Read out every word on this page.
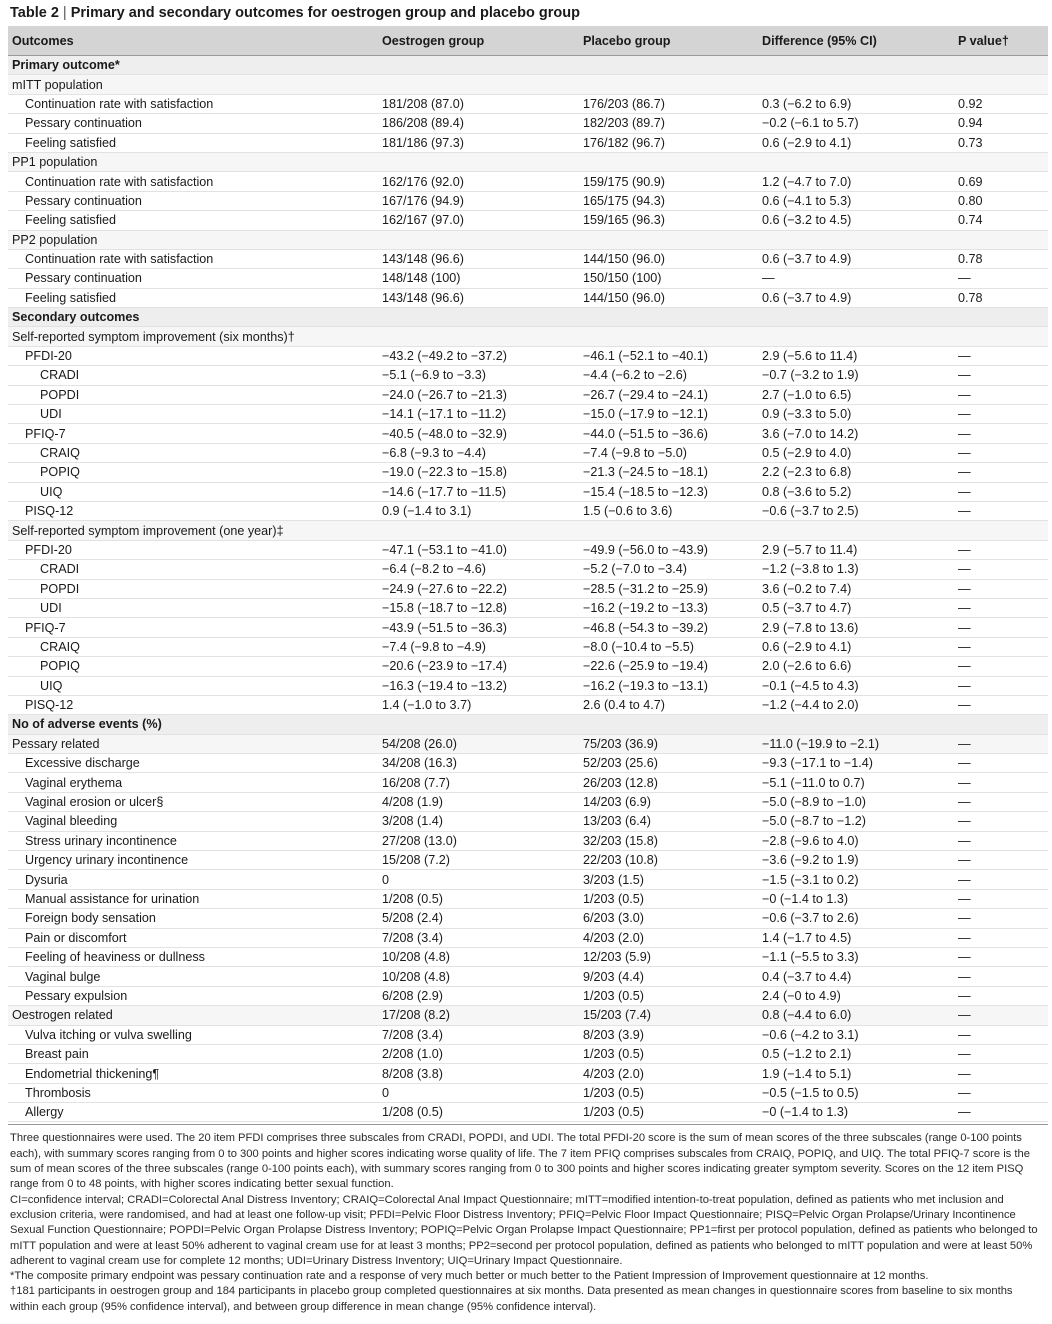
Table 2 | Primary and secondary outcomes for oestrogen group and placebo group
Outcomes	Oestrogen group	Placebo group	Difference (95% CI)	P value†
Primary outcome*				
mITT population				
Continuation rate with satisfaction	181/208 (87.0)	176/203 (86.7)	0.3 (−6.2 to 6.9)	0.92
Pessary continuation	186/208 (89.4)	182/203 (89.7)	−0.2 (−6.1 to 5.7)	0.94
Feeling satisfied	181/186 (97.3)	176/182 (96.7)	0.6 (−2.9 to 4.1)	0.73
PP1 population				
Continuation rate with satisfaction	162/176 (92.0)	159/175 (90.9)	1.2 (−4.7 to 7.0)	0.69
Pessary continuation	167/176 (94.9)	165/175 (94.3)	0.6 (−4.1 to 5.3)	0.80
Feeling satisfied	162/167 (97.0)	159/165 (96.3)	0.6 (−3.2 to 4.5)	0.74
PP2 population				
Continuation rate with satisfaction	143/148 (96.6)	144/150 (96.0)	0.6 (−3.7 to 4.9)	0.78
Pessary continuation	148/148 (100)	150/150 (100)	—	—
Feeling satisfied	143/148 (96.6)	144/150 (96.0)	0.6 (−3.7 to 4.9)	0.78
Secondary outcomes				
Self-reported symptom improvement (six months)†				
PFDI-20	−43.2 (−49.2 to −37.2)	−46.1 (−52.1 to −40.1)	2.9 (−5.6 to 11.4)	—
CRADI	−5.1 (−6.9 to −3.3)	−4.4 (−6.2 to −2.6)	−0.7 (−3.2 to 1.9)	—
POPDI	−24.0 (−26.7 to −21.3)	−26.7 (−29.4 to −24.1)	2.7 (−1.0 to 6.5)	—
UDI	−14.1 (−17.1 to −11.2)	−15.0 (−17.9 to −12.1)	0.9 (−3.3 to 5.0)	—
PFIQ-7	−40.5 (−48.0 to −32.9)	−44.0 (−51.5 to −36.6)	3.6 (−7.0 to 14.2)	—
CRAIQ	−6.8 (−9.3 to −4.4)	−7.4 (−9.8 to −5.0)	0.5 (−2.9 to 4.0)	—
POPIQ	−19.0 (−22.3 to −15.8)	−21.3 (−24.5 to −18.1)	2.2 (−2.3 to 6.8)	—
UIQ	−14.6 (−17.7 to −11.5)	−15.4 (−18.5 to −12.3)	0.8 (−3.6 to 5.2)	—
PISQ-12	0.9 (−1.4 to 3.1)	1.5 (−0.6 to 3.6)	−0.6 (−3.7 to 2.5)	—
Self-reported symptom improvement (one year)‡				
PFDI-20	−47.1 (−53.1 to −41.0)	−49.9 (−56.0 to −43.9)	2.9 (−5.7 to 11.4)	—
CRADI	−6.4 (−8.2 to −4.6)	−5.2 (−7.0 to −3.4)	−1.2 (−3.8 to 1.3)	—
POPDI	−24.9 (−27.6 to −22.2)	−28.5 (−31.2 to −25.9)	3.6 (−0.2 to 7.4)	—
UDI	−15.8 (−18.7 to −12.8)	−16.2 (−19.2 to −13.3)	0.5 (−3.7 to 4.7)	—
PFIQ-7	−43.9 (−51.5 to −36.3)	−46.8 (−54.3 to −39.2)	2.9 (−7.8 to 13.6)	—
CRAIQ	−7.4 (−9.8 to −4.9)	−8.0 (−10.4 to −5.5)	0.6 (−2.9 to 4.1)	—
POPIQ	−20.6 (−23.9 to −17.4)	−22.6 (−25.9 to −19.4)	2.0 (−2.6 to 6.6)	—
UIQ	−16.3 (−19.4 to −13.2)	−16.2 (−19.3 to −13.1)	−0.1 (−4.5 to 4.3)	—
PISQ-12	1.4 (−1.0 to 3.7)	2.6 (0.4 to 4.7)	−1.2 (−4.4 to 2.0)	—
No of adverse events (%)				
Pessary related	54/208 (26.0)	75/203 (36.9)	−11.0 (−19.9 to −2.1)	—
Excessive discharge	34/208 (16.3)	52/203 (25.6)	−9.3 (−17.1 to −1.4)	—
Vaginal erythema	16/208 (7.7)	26/203 (12.8)	−5.1 (−11.0 to 0.7)	—
Vaginal erosion or ulcer§	4/208 (1.9)	14/203 (6.9)	−5.0 (−8.9 to −1.0)	—
Vaginal bleeding	3/208 (1.4)	13/203 (6.4)	−5.0 (−8.7 to −1.2)	—
Stress urinary incontinence	27/208 (13.0)	32/203 (15.8)	−2.8 (−9.6 to 4.0)	—
Urgency urinary incontinence	15/208 (7.2)	22/203 (10.8)	−3.6 (−9.2 to 1.9)	—
Dysuria	0	3/203 (1.5)	−1.5 (−3.1 to 0.2)	—
Manual assistance for urination	1/208 (0.5)	1/203 (0.5)	−0 (−1.4 to 1.3)	—
Foreign body sensation	5/208 (2.4)	6/203 (3.0)	−0.6 (−3.7 to 2.6)	—
Pain or discomfort	7/208 (3.4)	4/203 (2.0)	1.4 (−1.7 to 4.5)	—
Feeling of heaviness or dullness	10/208 (4.8)	12/203 (5.9)	−1.1 (−5.5 to 3.3)	—
Vaginal bulge	10/208 (4.8)	9/203 (4.4)	0.4 (−3.7 to 4.4)	—
Pessary expulsion	6/208 (2.9)	1/203 (0.5)	2.4 (−0 to 4.9)	—
Oestrogen related	17/208 (8.2)	15/203 (7.4)	0.8 (−4.4 to 6.0)	—
Vulva itching or vulva swelling	7/208 (3.4)	8/203 (3.9)	−0.6 (−4.2 to 3.1)	—
Breast pain	2/208 (1.0)	1/203 (0.5)	0.5 (−1.2 to 2.1)	—
Endometrial thickening¶	8/208 (3.8)	4/203 (2.0)	1.9 (−1.4 to 5.1)	—
Thrombosis	0	1/203 (0.5)	−0.5 (−1.5 to 0.5)	—
Allergy	1/208 (0.5)	1/203 (0.5)	−0 (−1.4 to 1.3)	—

Three questionnaires were used. The 20 item PFDI comprises three subscales from CRADI, POPDI, and UDI. The total PFDI-20 score is the sum of mean scores of the three subscales (range 0-100 points each), with summary scores ranging from 0 to 300 points and higher scores indicating worse quality of life. The 7 item PFIQ comprises subscales from CRAIQ, POPIQ, and UIQ. The total PFIQ-7 score is the sum of mean scores of the three subscales (range 0-100 points each), with summary scores ranging from 0 to 300 points and higher scores indicating greater symptom severity. Scores on the 12 item PISQ range from 0 to 48 points, with higher scores indicating better sexual function.

CI=confidence interval; CRADI=Colorectal Anal Distress Inventory; CRAIQ=Colorectal Anal Impact Questionnaire; mITT=modified intention-to-treat population, defined as patients who met inclusion and exclusion criteria, were randomised, and had at least one follow-up visit; PFDI=Pelvic Floor Distress Inventory; PFIQ=Pelvic Floor Impact Questionnaire; PISQ=Pelvic Organ Prolapse/Urinary Incontinence Sexual Function Questionnaire; POPDI=Pelvic Organ Prolapse Distress Inventory; POPIQ=Pelvic Organ Prolapse Impact Questionnaire; PP1=first per protocol population, defined as patients who belonged to mITT population and were at least 50% adherent to vaginal cream use for at least 3 months; PP2=second per protocol population, defined as patients who belonged to mITT population and were at least 50% adherent to vaginal cream use for complete 12 months; UDI=Urinary Distress Inventory; UIQ=Urinary Impact Questionnaire.

*The composite primary endpoint was pessary continuation rate and a response of very much better or much better to the Patient Impression of Improvement questionnaire at 12 months.

†181 participants in oestrogen group and 184 participants in placebo group completed questionnaires at six months. Data presented as mean changes in questionnaire scores from baseline to six months within each group (95% confidence interval), and between group difference in mean change (95% confidence interval).
